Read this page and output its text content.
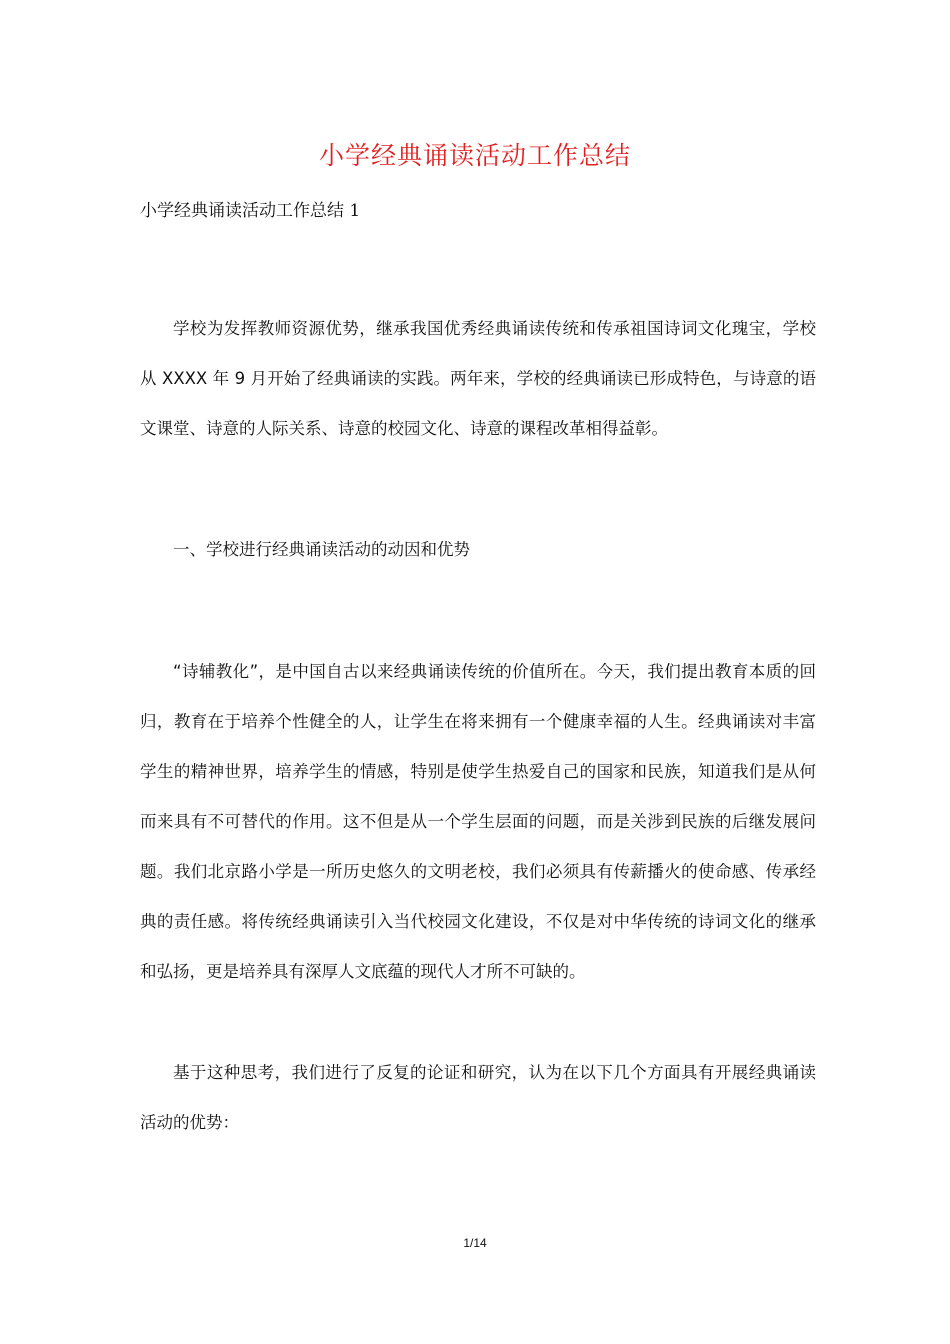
小学经典诵读活动工作总结
小学经典诵读活动工作总结 1

学校为发挥教师资源优势，继承我国优秀经典诵读传统和传承祖国诗词文化瑰宝，学校从 XXXX 年 9 月开始了经典诵读的实践。两年来，学校的经典诵读已形成特色，与诗意的语文课堂、诗意的人际关系、诗意的校园文化、诗意的课程改革相得益彰。

一、学校进行经典诵读活动的动因和优势

“诗辅教化”，是中国自古以来经典诵读传统的价值所在。今天，我们提出教育本质的回归，教育在于培养个性健全的人，让学生在将来拥有一个健康幸福的人生。经典诵读对丰富学生的精神世界，培养学生的情感，特别是使学生热爱自己的国家和民族，知道我们是从何而来具有不可替代的作用。这不但是从一个学生层面的问题，而是关涉到民族的后继发展问题。我们北京路小学是一所历史悠久的文明老校，我们必须具有传薪播火的使命感、传承经典的责任感。将传统经典诵读引入当代校园文化建设，不仅是对中华传统的诗词文化的继承和弘扬，更是培养具有深厚人文底蕴的现代人才所不可缺的。

基于这种思考，我们进行了反复的论证和研究，认为在以下几个方面具有开展经典诵读活动的优势：

1/14
